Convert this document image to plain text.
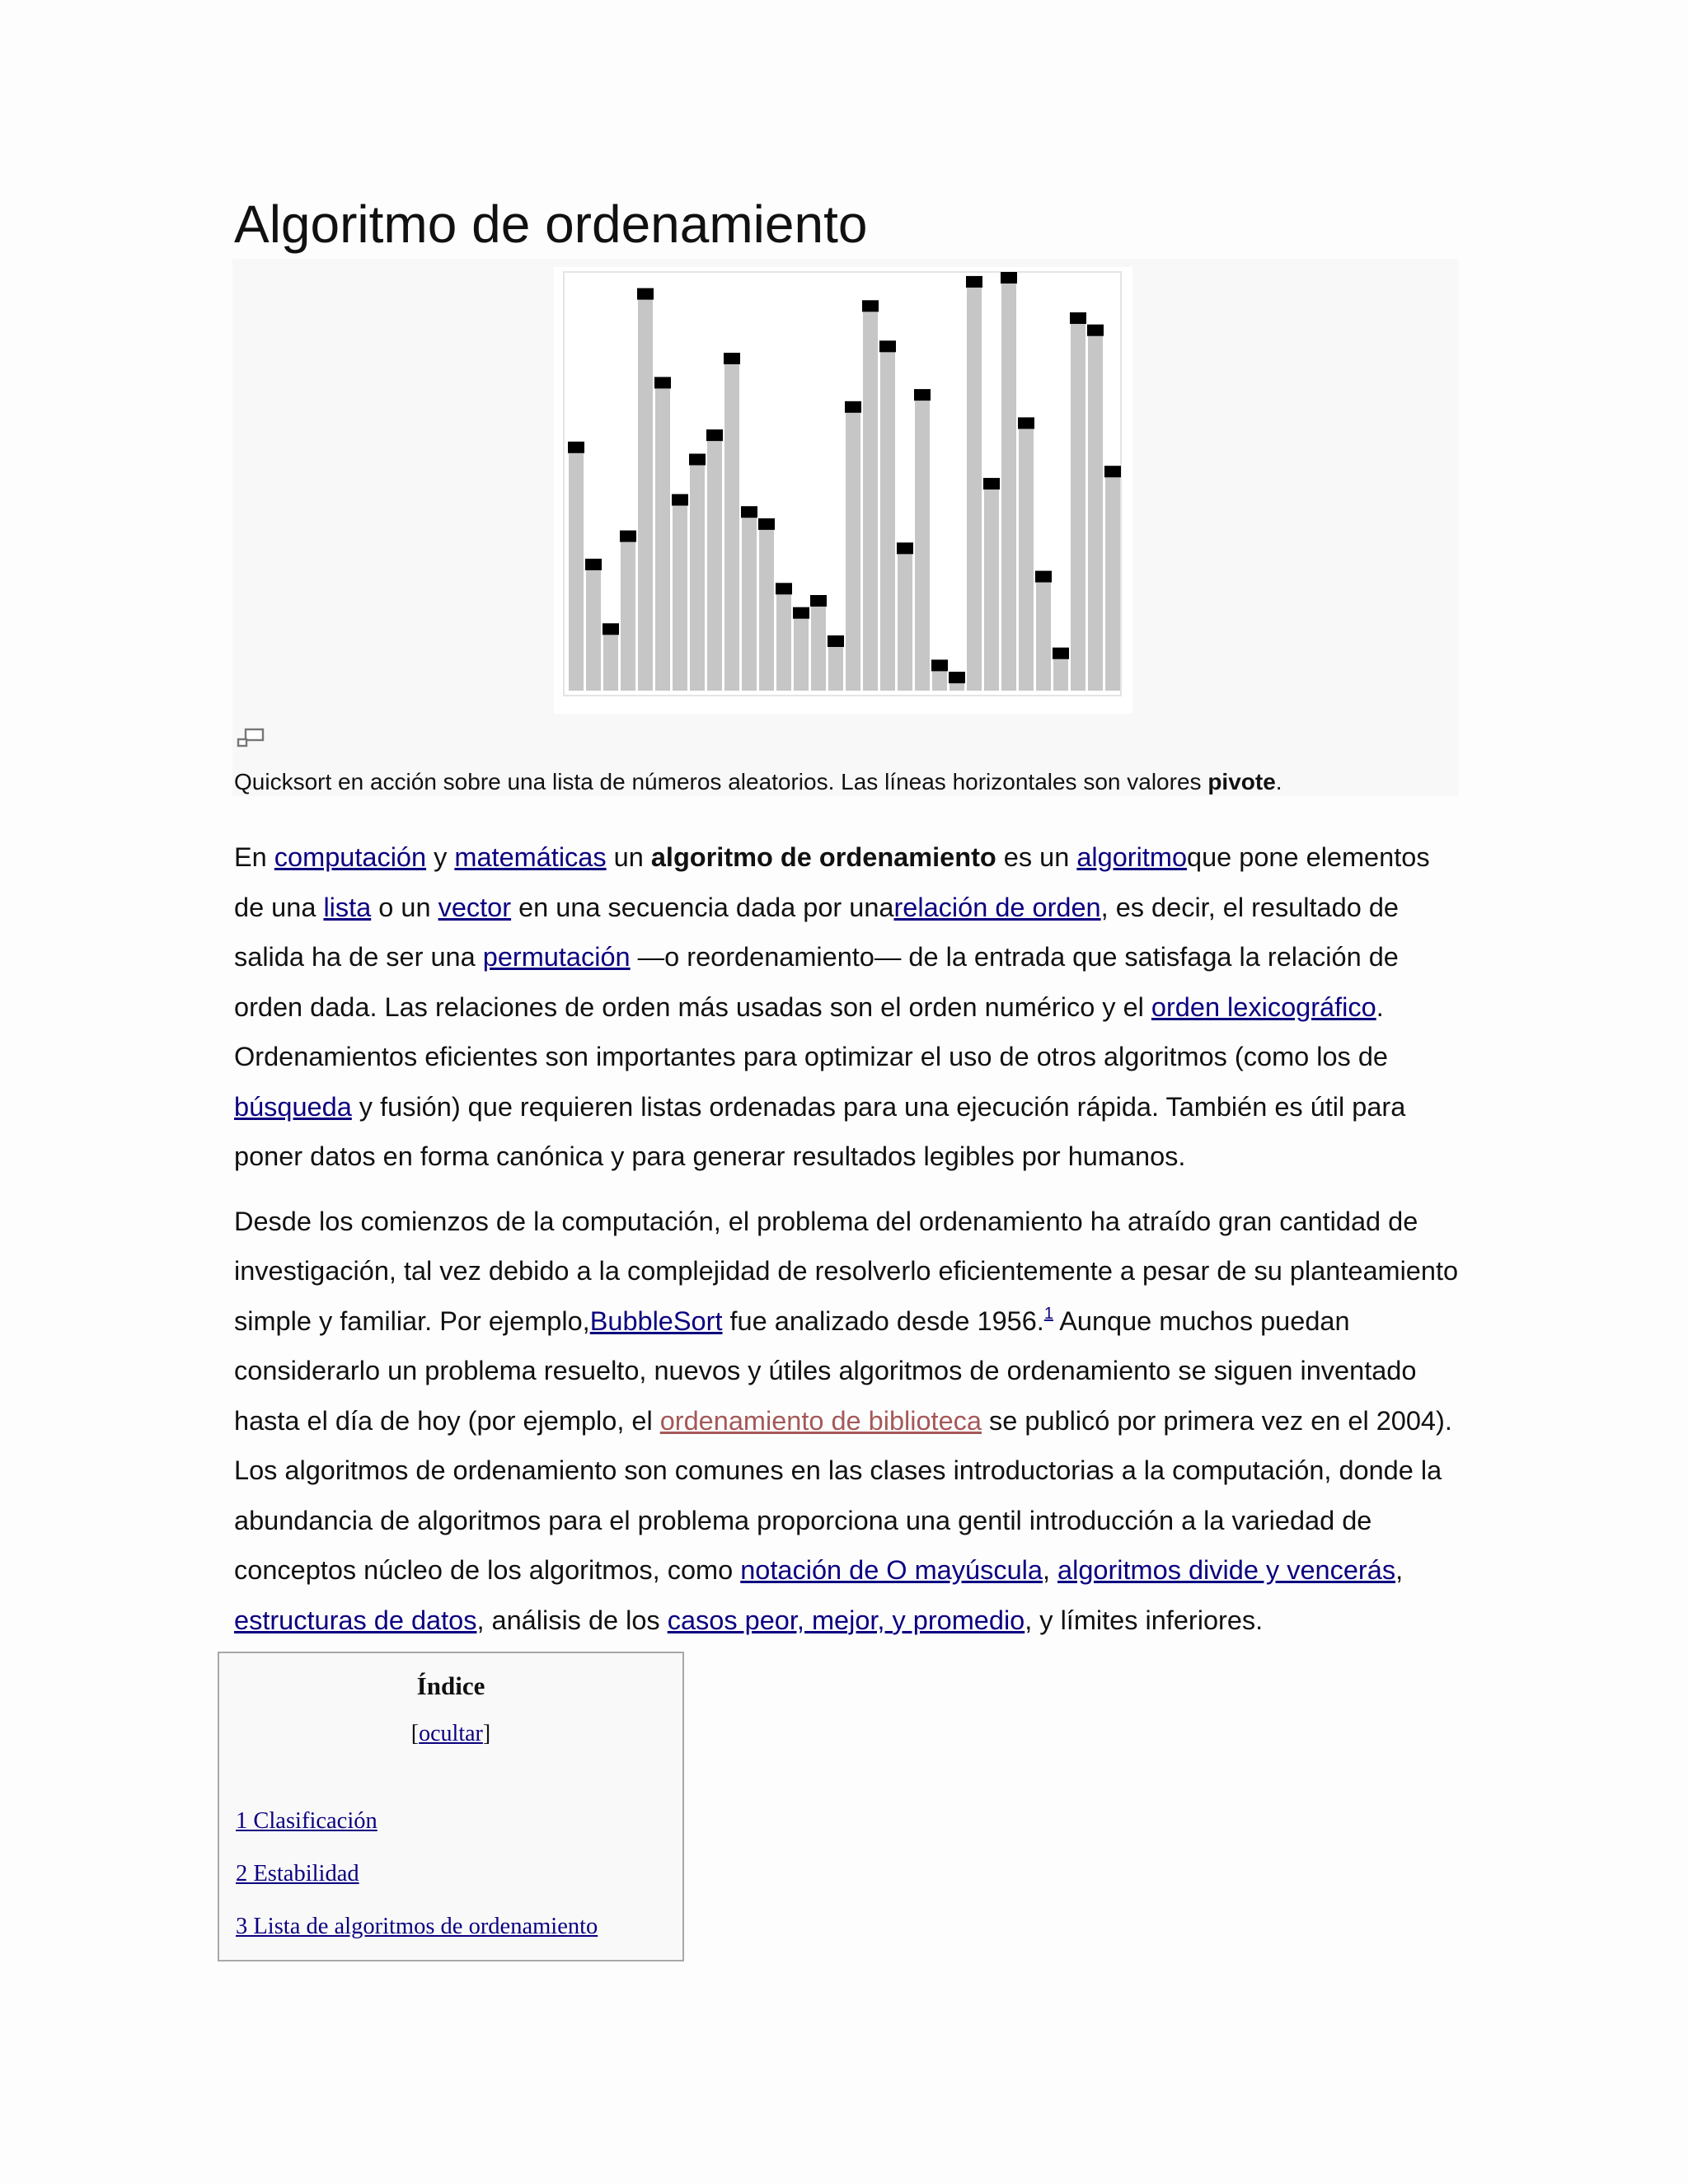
Algoritmo de ordenamiento
Quicksort en acción sobre una lista de números aleatorios. Las líneas horizontales son valores pivote.

En computación y matemáticas un algoritmo de ordenamiento es un algoritmoque pone elementos de una lista o un vector en una secuencia dada por unarelación de orden, es decir, el resultado de salida ha de ser una permutación —o reordenamiento— de la entrada que satisfaga la relación de orden dada. Las relaciones de orden más usadas son el orden numérico y el orden lexicográfico. Ordenamientos eficientes son importantes para optimizar el uso de otros algoritmos (como los de búsqueda y fusión) que requieren listas ordenadas para una ejecución rápida. También es útil para poner datos en forma canónica y para generar resultados legibles por humanos.

Desde los comienzos de la computación, el problema del ordenamiento ha atraído gran cantidad de investigación, tal vez debido a la complejidad de resolverlo eficientemente a pesar de su planteamiento simple y familiar. Por ejemplo,BubbleSort fue analizado desde 1956.$^1$ Aunque muchos puedan considerarlo un problema resuelto, nuevos y útiles algoritmos de ordenamiento se siguen inventado hasta el día de hoy (por ejemplo, el ordenamiento de biblioteca se publicó por primera vez en el 2004). Los algoritmos de ordenamiento son comunes en las clases introductorias a la computación, donde la abundancia de algoritmos para el problema proporciona una gentil introducción a la variedad de conceptos núcleo de los algoritmos, como notación de O mayúscula, algoritmos divide y vencerás, estructuras de datos, análisis de los casos peor, mejor, y promedio, y límites inferiores.

Índice
[ocultar]
1 Clasificación
2 Estabilidad
3 Lista de algoritmos de ordenamiento
